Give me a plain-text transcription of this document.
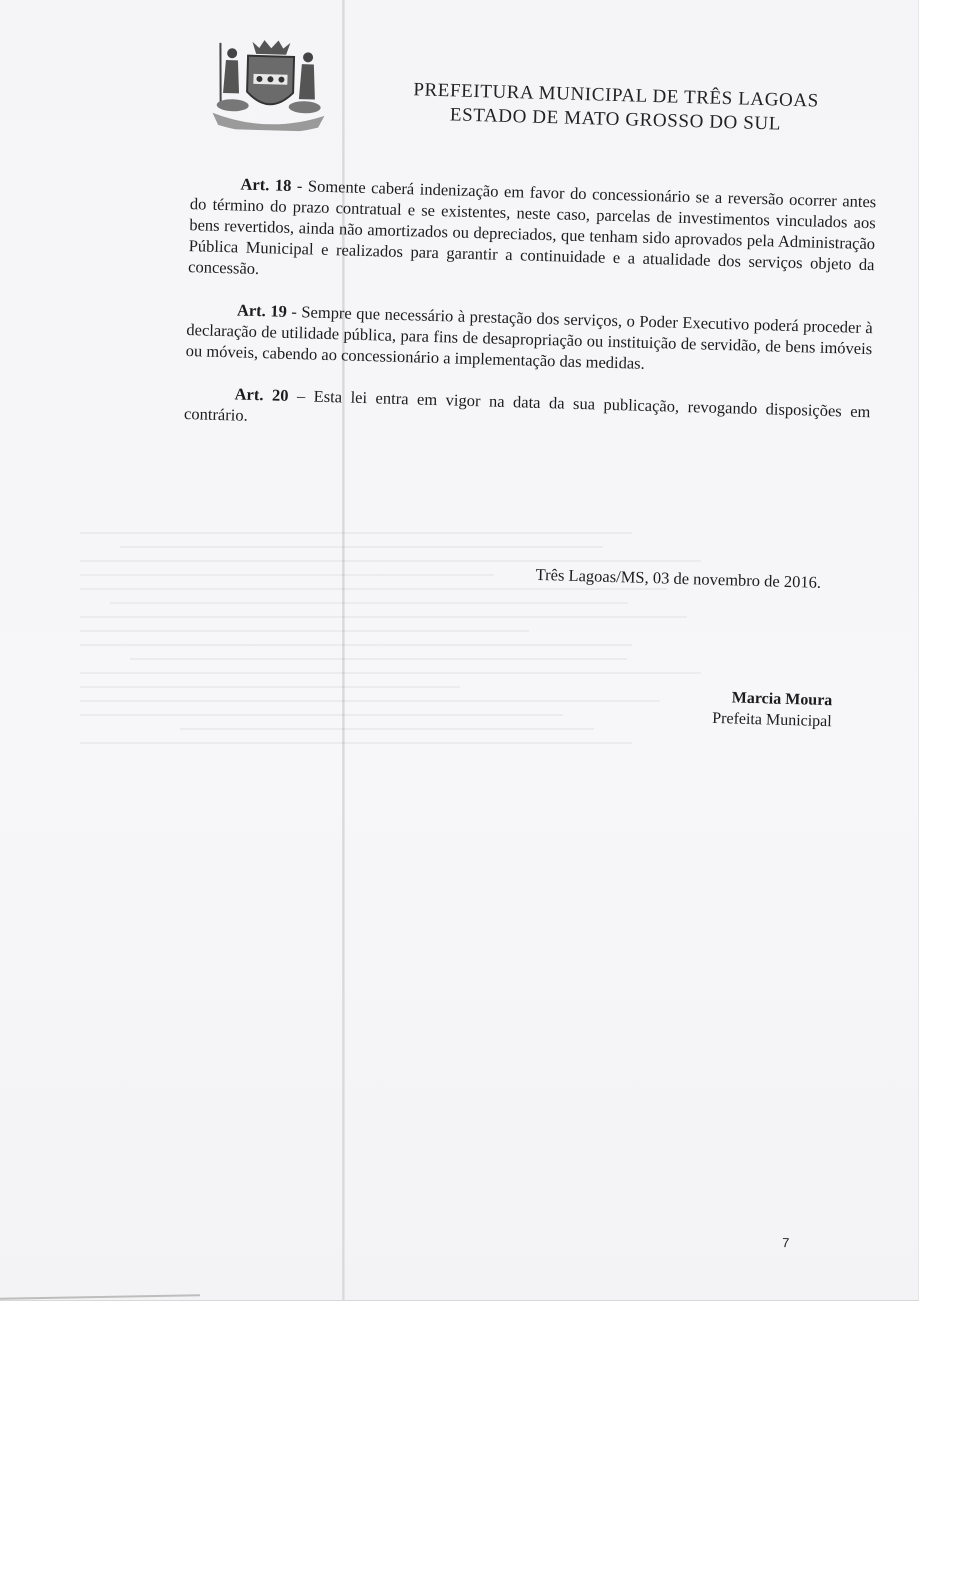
PREFEITURA MUNICIPAL DE TRÊS LAGOAS
ESTADO DE MATO GROSSO DO SUL

Art. 18 - Somente caberá indenização em favor do concessionário se a reversão ocorrer antes do término do prazo contratual e se existentes, neste caso, parcelas de investimentos vinculados aos bens revertidos, ainda não amortizados ou depreciados, que tenham sido aprovados pela Administração Pública Municipal e realizados para garantir a continuidade e a atualidade dos serviços objeto da concessão.

Art. 19 - Sempre que necessário à prestação dos serviços, o Poder Executivo poderá proceder à declaração de utilidade pública, para fins de desapropriação ou instituição de servidão, de bens imóveis ou móveis, cabendo ao concessionário a implementação das medidas.

Art. 20 – Esta lei entra em vigor na data da sua publicação, revogando disposições em contrário.

Três Lagoas/MS, 03 de novembro de 2016.
Marcia Moura
Prefeita Municipal
7
